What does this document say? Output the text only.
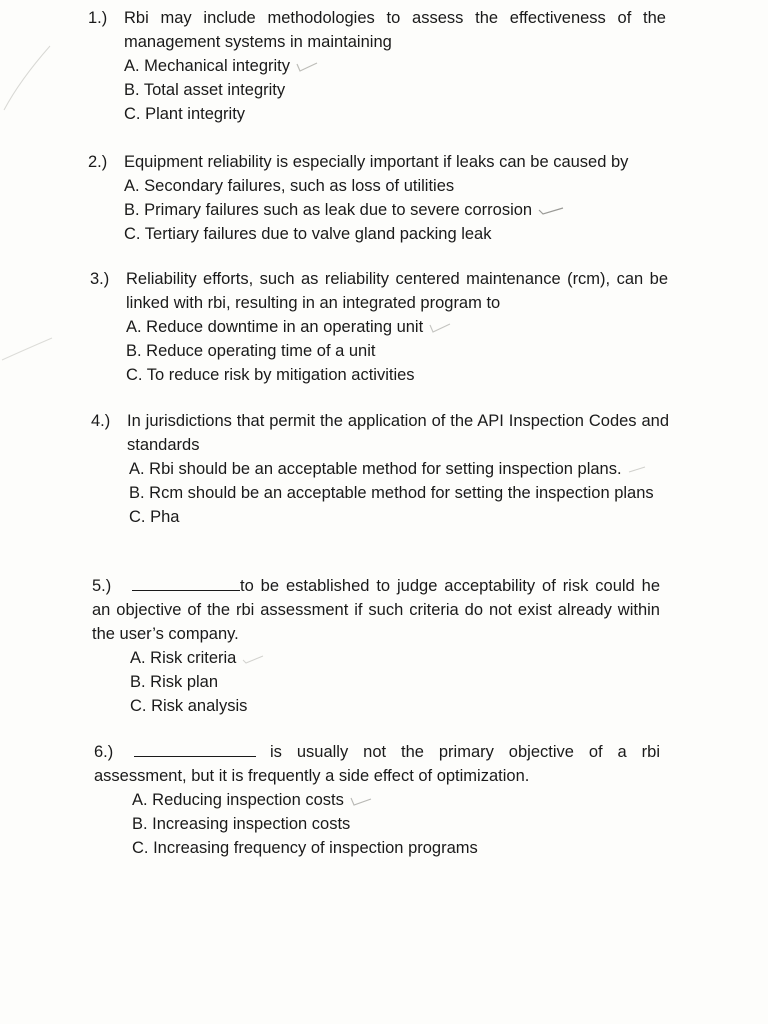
1.) Rbi may include methodologies to assess the effectiveness of the management systems in maintaining
A. Mechanical integrity
B. Total asset integrity
C. Plant integrity
2.) Equipment reliability is especially important if leaks can be caused by
A. Secondary failures, such as loss of utilities
B. Primary failures such as leak due to severe corrosion
C. Tertiary failures due to valve gland packing leak
3.) Reliability efforts, such as reliability centered maintenance (rcm), can be linked with rbi, resulting in an integrated program to
A. Reduce downtime in an operating unit
B. Reduce operating time of a unit
C. To reduce risk by mitigation activities
4.) In jurisdictions that permit the application of the API Inspection Codes and standards
A. Rbi should be an acceptable method for setting inspection plans.
B. Rcm should be an acceptable method for setting the inspection plans
C. Pha
5.)	to be established to judge acceptability of risk could he an objective of the rbi assessment if such criteria do not exist already within the user’s company.
A. Risk criteria
B. Risk plan
C. Risk analysis
6.)	is usually not the primary objective of a rbi assessment, but it is frequently a side effect of optimization.
A. Reducing inspection costs
B. Increasing inspection costs
C. Increasing frequency of inspection programs
